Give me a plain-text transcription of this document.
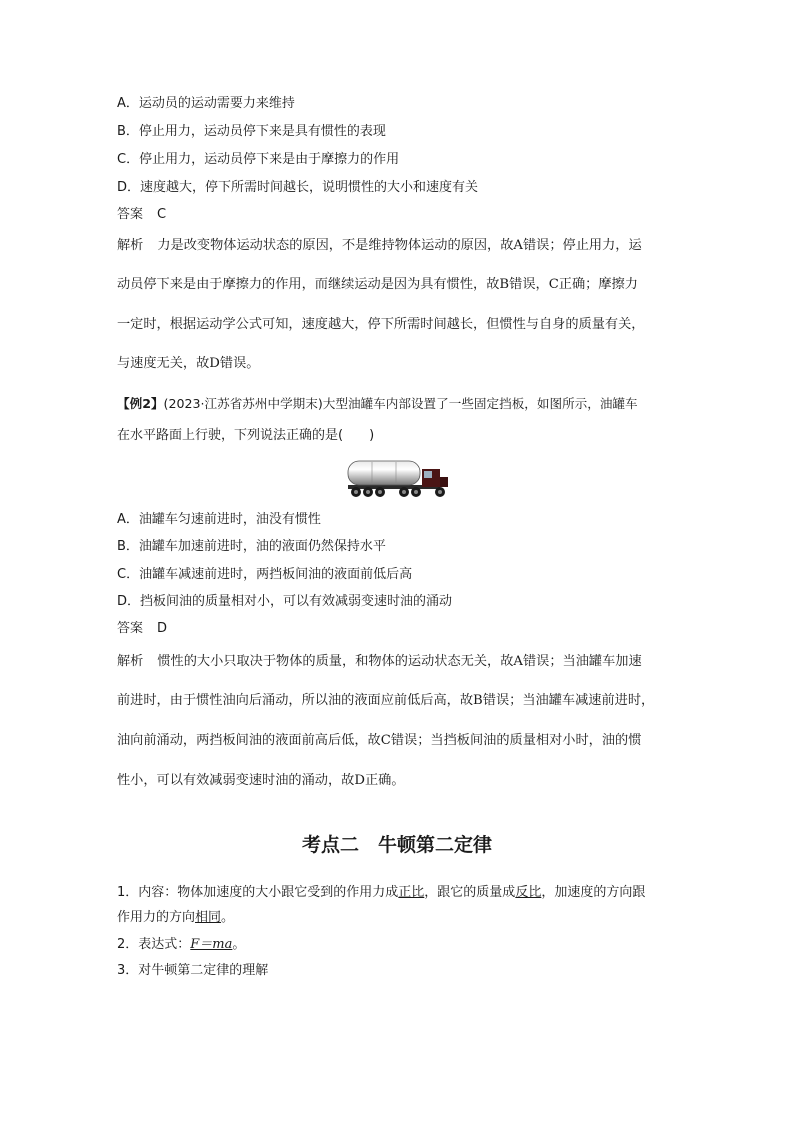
A．运动员的运动需要力来维持
B．停止用力，运动员停下来是具有惯性的表现
C．停止用力，运动员停下来是由于摩擦力的作用
D．速度越大，停下所需时间越长，说明惯性的大小和速度有关
答案 C
解析 力是改变物体运动状态的原因，不是维持物体运动的原因，故A错误；停止用力，运
动员停下来是由于摩擦力的作用，而继续运动是因为具有惯性，故B错误，C正确；摩擦力
一定时，根据运动学公式可知，速度越大，停下所需时间越长，但惯性与自身的质量有关，
与速度无关，故D错误。
【例2】(2023·江苏省苏州中学期末)大型油罐车内部设置了一些固定挡板，如图所示，油罐车
在水平路面上行驶，下列说法正确的是(　　)
A．油罐车匀速前进时，油没有惯性
B．油罐车加速前进时，油的液面仍然保持水平
C．油罐车减速前进时，两挡板间油的液面前低后高
D．挡板间油的质量相对小，可以有效减弱变速时油的涌动
答案 D
解析 惯性的大小只取决于物体的质量，和物体的运动状态无关，故A错误；当油罐车加速
前进时，由于惯性油向后涌动，所以油的液面应前低后高，故B错误；当油罐车减速前进时，
油向前涌动，两挡板间油的液面前高后低，故C错误；当挡板间油的质量相对小时，油的惯
性小，可以有效减弱变速时油的涌动，故D正确。
考点二　牛顿第二定律
1．内容：物体加速度的大小跟它受到的作用力成正比，跟它的质量成反比，加速度的方向跟
作用力的方向相同。
2．表达式：F＝ma。
3．对牛顿第二定律的理解
